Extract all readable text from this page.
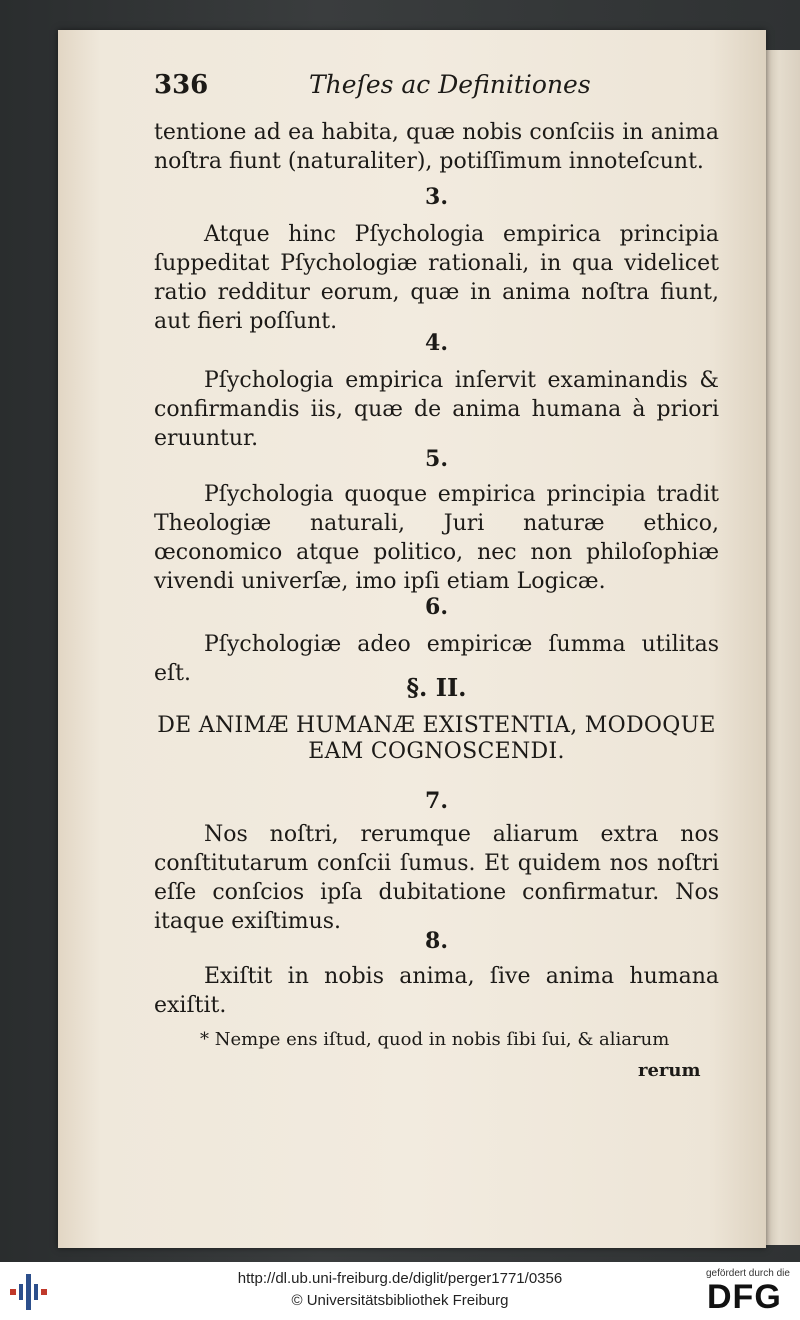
336	Theſes ac Definitiones

tentione ad ea habita, quæ nobis conſciis in anima noſtra fiunt (naturaliter), potiſſimum innoteſcunt.

3.

Atque hinc Pſychologia empirica principia ſuppeditat Pſychologiæ rationali, in qua videlicet ratio redditur eorum, quæ in anima noſtra fiunt, aut fieri poſſunt.

4.

Pſychologia empirica inſervit examinandis & confirmandis iis, quæ de anima humana à priori eruuntur.

5.

Pſychologia quoque empirica principia tradit Theologiæ naturali, Juri naturæ ethico, œconomico atque politico, nec non philoſophiæ vivendi univerſæ, imo ipſi etiam Logicæ.

6.

Pſychologiæ adeo empiricæ ſumma utilitas eſt.	§. II.
DE ANIMÆ HUMANÆ EXISTENTIA, MODOQUE
EAM COGNOSCENDI.
7.

Nos noſtri, rerumque aliarum extra nos conſtitutarum conſcii ſumus. Et quidem nos noſtri eſſe conſcios ipſa dubitatione confirmatur. Nos itaque exiſtimus.

8.

Exiſtit in nobis anima, ſive anima humana exiſtit.

* Nempe ens iſtud, quod in nobis ſibi ſui, & aliarum
rerum
http://dl.ub.uni-freiburg.de/diglit/perger1771/0356
© Universitätsbibliothek Freiburg
gefördert durch die
DFG
